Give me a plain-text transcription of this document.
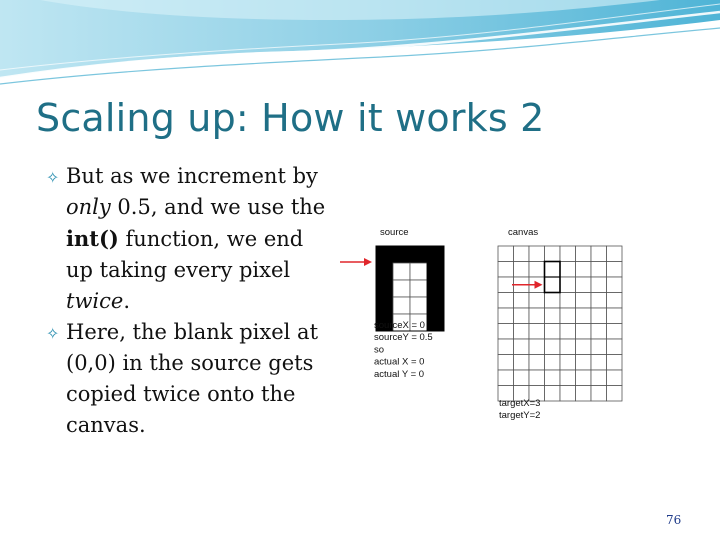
Scaling up: How it works 2
✧ But as we increment by
only 0.5, and we use the
int() function, we end
up taking every pixel
twice.
✧ Here, the blank pixel at
(0,0) in the source gets
copied twice onto the
canvas.
source	canvas
sourceX = 0
sourceY = 0.5
so
actual X = 0
actual Y = 0
targetX=3
targetY=2
76
